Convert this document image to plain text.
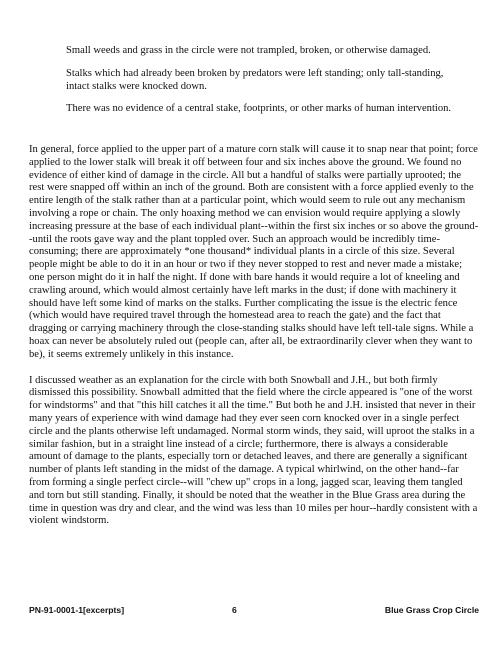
Small weeds and grass in the circle were not trampled, broken, or otherwise damaged.

Stalks which had already been broken by predators were left standing; only tall-standing, intact stalks were knocked down.

There was no evidence of a central stake, footprints, or other marks of human intervention.

In general, force applied to the upper part of a mature corn stalk will cause it to snap near that point; force applied to the lower stalk will break it off between four and six inches above the ground. We found no evidence of either kind of damage in the circle. All but a handful of stalks were partially uprooted; the rest were snapped off within an inch of the ground. Both are consistent with a force applied evenly to the entire length of the stalk rather than at a particular point, which would seem to rule out any mechanism involving a rope or chain. The only hoaxing method we can envision would require applying a slowly increasing pressure at the base of each individual plant--within the first six inches or so above the ground--until the roots gave way and the plant toppled over. Such an approach would be incredibly time-consuming; there are approximately *one thousand* individual plants in a circle of this size. Several people might be able to do it in an hour or two if they never stopped to rest and never made a mistake; one person might do it in half the night. If done with bare hands it would require a lot of kneeling and crawling around, which would almost certainly have left marks in the dust; if done with machinery it should have left some kind of marks on the stalks. Further complicating the issue is the electric fence (which would have required travel through the homestead area to reach the gate) and the fact that dragging or carrying machinery through the close-standing stalks should have left tell-tale signs. While a hoax can never be absolutely ruled out (people can, after all, be extraordinarily clever when they want to be), it seems extremely unlikely in this instance.

I discussed weather as an explanation for the circle with both Snowball and J.H., but both firmly dismissed this possibility. Snowball admitted that the field where the circle appeared is "one of the worst for windstorms" and that "this hill catches it all the time." But both he and J.H. insisted that never in their many years of experience with wind damage had they ever seen corn knocked over in a single perfect circle and the plants otherwise left undamaged. Normal storm winds, they said, will uproot the stalks in a similar fashion, but in a straight line instead of a circle; furthermore, there is always a considerable amount of damage to the plants, especially torn or detached leaves, and there are generally a significant number of plants left standing in the midst of the damage. A typical whirlwind, on the other hand--far from forming a single perfect circle--will "chew up" crops in a long, jagged scar, leaving them tangled and torn but still standing. Finally, it should be noted that the weather in the Blue Grass area during the time in question was dry and clear, and the wind was less than 10 miles per hour--hardly consistent with a violent windstorm.

PN-91-0001-1[excerpts]	6	Blue Grass Crop Circle
